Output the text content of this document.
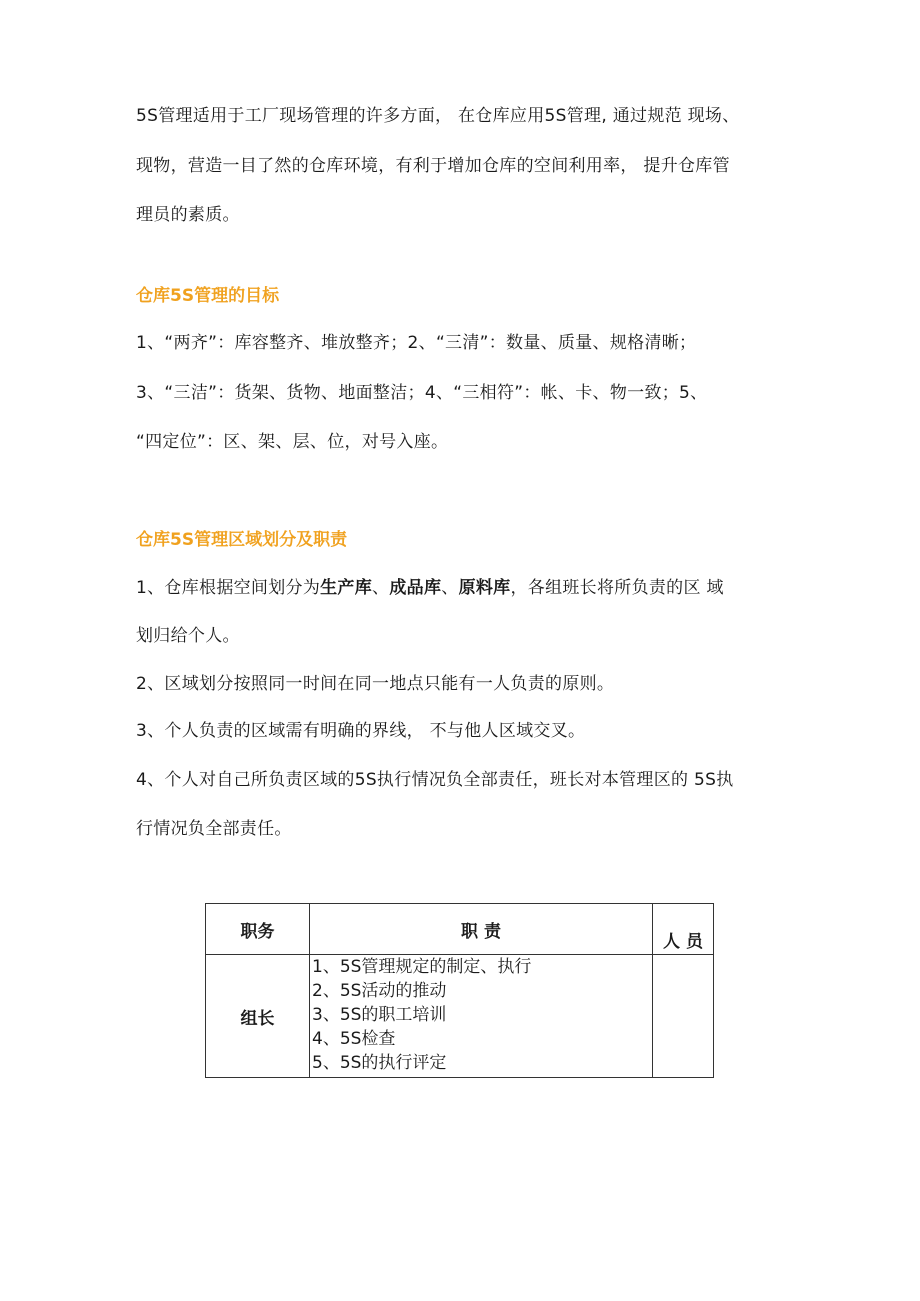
5S管理适用于工厂现场管理的许多方面， 在仓库应用5S管理, 通过规范 现场、
现物，营造一目了然的仓库环境，有利于增加仓库的空间利用率， 提升仓库管
理员的素质。
仓库5S管理的目标
1、“两齐”：库容整齐、堆放整齐；2、“三清”：数量、质量、规格清晰；
3、“三洁”：货架、货物、地面整洁；4、“三相符”：帐、卡、物一致；5、
“四定位”：区、架、层、位，对号入座。
仓库5S管理区域划分及职责
1、仓库根据空间划分为生产库、成品库、原料库，各组班长将所负责的区 域
划归给个人。
2、区域划分按照同一时间在同一地点只能有一人负责的原则。
3、个人负责的区域需有明确的界线， 不与他人区域交叉。
4、个人对自己所负责区域的5S执行情况负全部责任，班长对本管理区的 5S执
行情况负全部责任。
职务	职 责	人 员
组长	1、5S管理规定的制定、执行
2、5S活动的推动
3、5S的职工培训
4、5S检查
5、5S的执行评定	
